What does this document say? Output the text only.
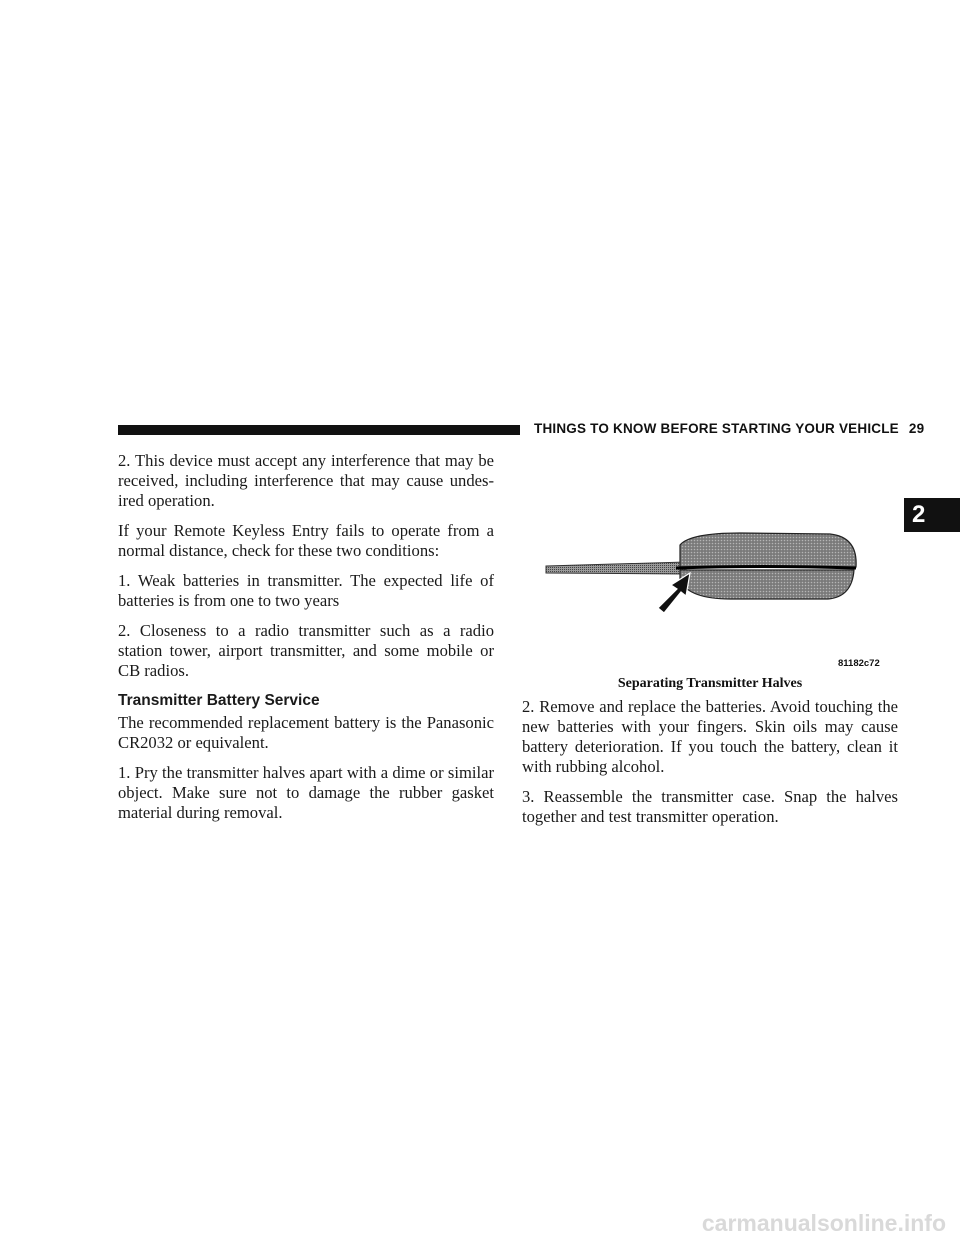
THINGS TO KNOW BEFORE STARTING YOUR VEHICLE 29
2

2. This device must accept any interference that may be received, including interference that may cause undes-ired operation.

If your Remote Keyless Entry fails to operate from a normal distance, check for these two conditions:

1. Weak batteries in transmitter. The expected life of batteries is from one to two years

2. Closeness to a radio transmitter such as a radio station tower, airport transmitter, and some mobile or CB radios.

Transmitter Battery Service

The recommended replacement battery is the Panasonic CR2032 or equivalent.

1. Pry the transmitter halves apart with a dime or similar object. Make sure not to damage the rubber gasket material during removal.

81182c72
Separating Transmitter Halves

2. Remove and replace the batteries. Avoid touching the new batteries with your fingers. Skin oils may cause battery deterioration. If you touch the battery, clean it with rubbing alcohol.

3. Reassemble the transmitter case. Snap the halves together and test transmitter operation.

carmanualsonline.info
